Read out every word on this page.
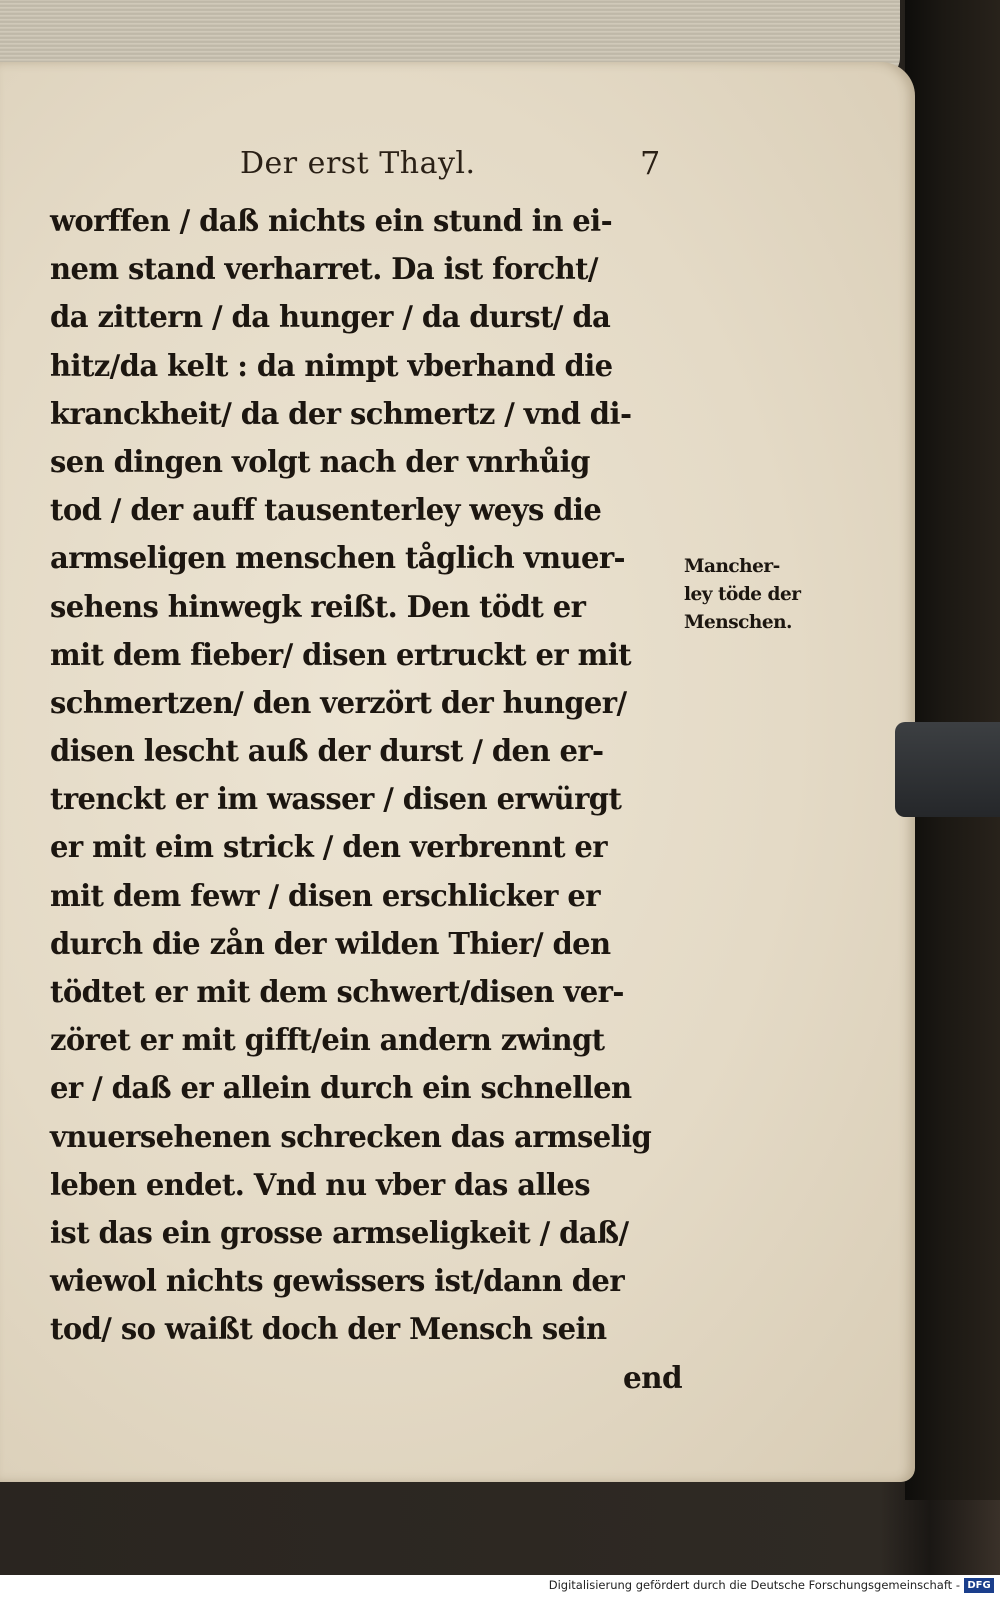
Der erst Thayl.	7
worffen / daß nichts ein stund in ei-
nem stand verharret. Da ist forcht/
da zittern / da hunger / da durst/ da
hitz/da kelt : da nimpt vberhand die
kranckheit/ da der schmertz / vnd di-
sen dingen volgt nach der vnrhůig
tod / der auff tausenterley weys die
armseligen menschen tåglich vnuer-
sehens hinwegk reißt. Den tödt er
mit dem fieber/ disen ertruckt er mit
schmertzen/ den verzört der hunger/
disen lescht auß der durst / den er-
trenckt er im wasser / disen erwürgt
er mit eim strick / den verbrennt er
mit dem fewr / disen erschlicker er
durch die zån der wilden Thier/ den
tödtet er mit dem schwert/disen ver-
zöret er mit gifft/ein andern zwingt
er / daß er allein durch ein schnellen
vnuersehenen schrecken das armselig
leben endet. Vnd nu vber das alles
ist das ein grosse armseligkeit / daß/
wiewol nichts gewissers ist/dann der
tod/ so waißt doch der Mensch sein
end
Mancher-
ley töde der
Menschen.
Digitalisierung gefördert durch die Deutsche Forschungsgemeinschaft - DFG
